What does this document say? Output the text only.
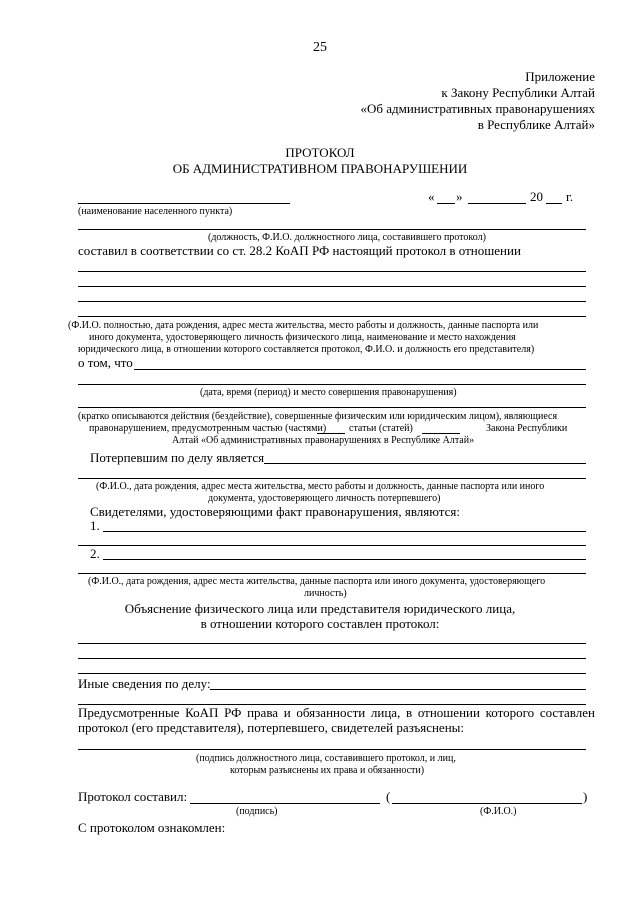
25
Приложение
к Закону Республики Алтай
«Об административных правонарушениях
в Республике Алтай»
ПРОТОКОЛ
ОБ АДМИНИСТРАТИВНОМ ПРАВОНАРУШЕНИИ
(наименование населенного пункта)
« »	20 г.
(должность, Ф.И.О. должностного лица, составившего протокол)
составил в соответствии со ст. 28.2 КоАП РФ настоящий протокол в отношении
(Ф.И.О. полностью, дата рождения, адрес места жительства, место работы и должность, данные паспорта или
иного документа, удостоверяющего личность физического лица, наименование и место нахождения
юридического лица, в отношении которого составляется протокол, Ф.И.О. и должность его представителя)
о том, что
(дата, время (период) и место совершения правонарушения)
(кратко описываются действия (бездействие), совершенные физическим или юридическим лицом), являющиеся
правонарушением, предусмотренным частью (частями) статьи (статей)	Закона Республики
Алтай «Об административных правонарушениях в Республике Алтай»
Потерпевшим по делу является
(Ф.И.О., дата рождения, адрес места жительства, место работы и должность, данные паспорта или иного
документа, удостоверяющего личность потерпевшего)
Свидетелями, удостоверяющими факт правонарушения, являются:
1.
2.
(Ф.И.О., дата рождения, адрес места жительства, данные паспорта или иного документа, удостоверяющего
личность)
Объяснение физического лица или представителя юридического лица,
в отношении которого составлен протокол:
Иные сведения по делу:
Предусмотренные КоАП РФ права и обязанности лица, в отношении которого составлен
протокол (его представителя), потерпевшего, свидетелей разъяснены:
(подпись должностного лица, составившего протокол, и лиц,
которым разъяснены их права и обязанности)
Протокол составил:	(	)
(подпись)	(Ф.И.О.)
С протоколом ознакомлен:
